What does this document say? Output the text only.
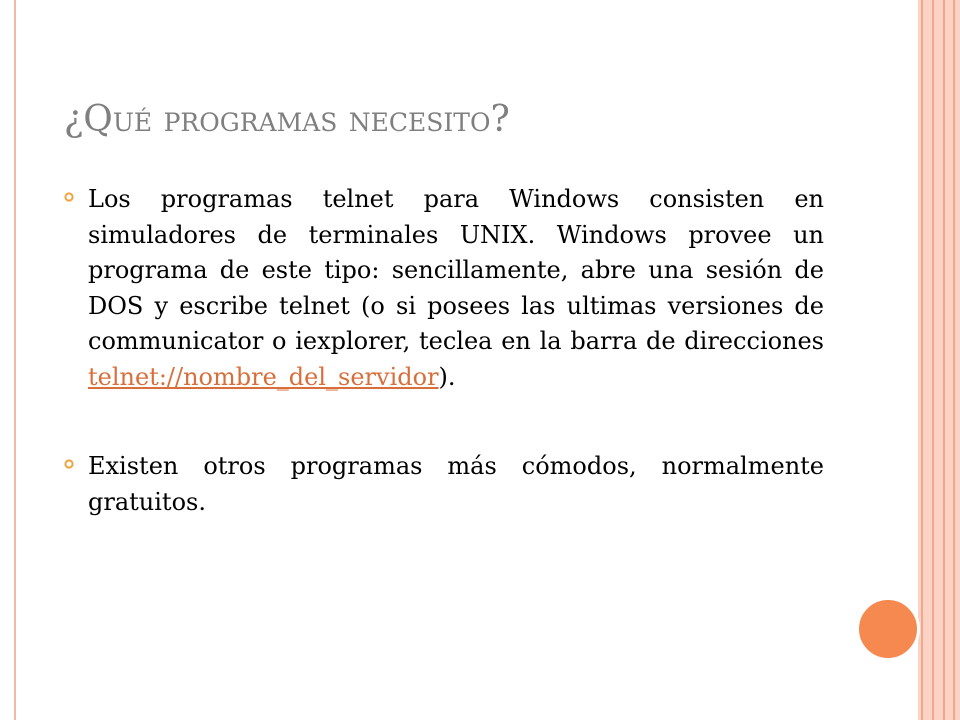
¿Qué programas necesito?
Los programas telnet para Windows consisten en simuladores de terminales UNIX. Windows provee un programa de este tipo: sencillamente, abre una sesión de DOS y escribe telnet (o si posees las ultimas versiones de communicator o iexplorer, teclea en la barra de direcciones telnet://nombre_del_servidor).
Existen otros programas más cómodos, normalmente gratuitos.
